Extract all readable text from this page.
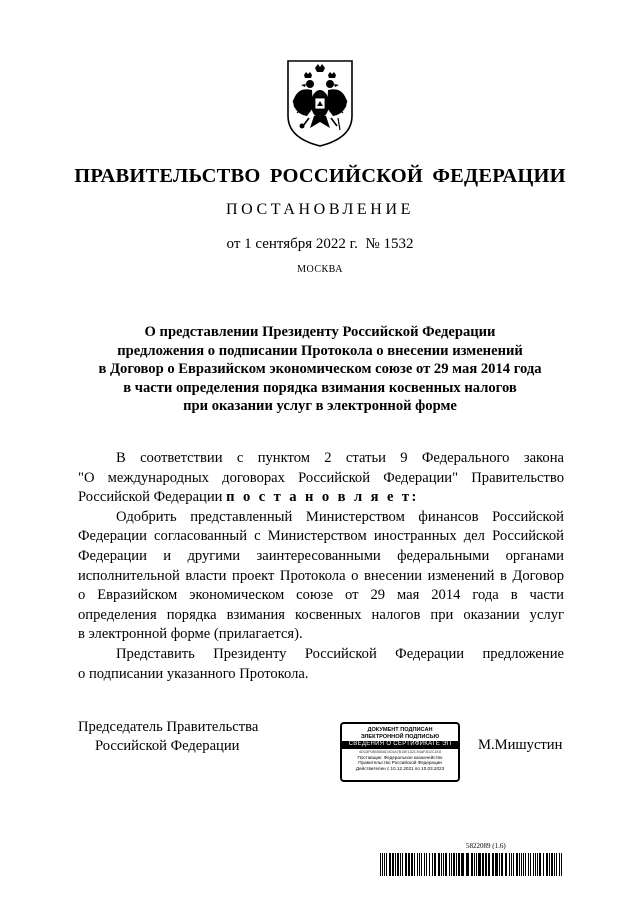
ПРАВИТЕЛЬСТВО РОССИЙСКОЙ ФЕДЕРАЦИИ
ПОСТАНОВЛЕНИЕ
от 1 сентября 2022 г. № 1532
МОСКВА
О представлении Президенту Российской Федерации
предложения о подписании Протокола о внесении изменений
в Договор о Евразийском экономическом союзе от 29 мая 2014 года
в части определения порядка взимания косвенных налогов
при оказании услуг в электронной форме
В соответствии с пунктом 2 статьи 9 Федерального закона
"О международных договорах Российской Федерации" Правительство
Российской Федерации п о с т а н о в л я е т:
Одобрить представленный Министерством финансов Российской
Федерации согласованный с Министерством иностранных дел Российской
Федерации и другими заинтересованными федеральными органами
исполнительной власти проект Протокола о внесении изменений в Договор
о Евразийском экономическом союзе от 29 мая 2014 года в части
определения порядка взимания косвенных налогов при оказании услуг
в электронной форме (прилагается).
Представить Президенту Российской Федерации предложение
о подписании указанного Протокола.
Председатель Правительства
Российской Федерации
ДОКУМЕНТ ПОДПИСАН
ЭЛЕКТРОННОЙ ПОДПИСЬЮ
СВЕДЕНИЯ О СЕРТИФИКАТЕ ЭП
4DC8F05B580AD4C6A7B15E1D2C94AF3D2C1E8
Поставщик: Федеральное казначейство
Правительство Российской Федерации
Действителен с 10.12.2021 по 10.03.2023
М.Мишустин
5822089 (1.6)
